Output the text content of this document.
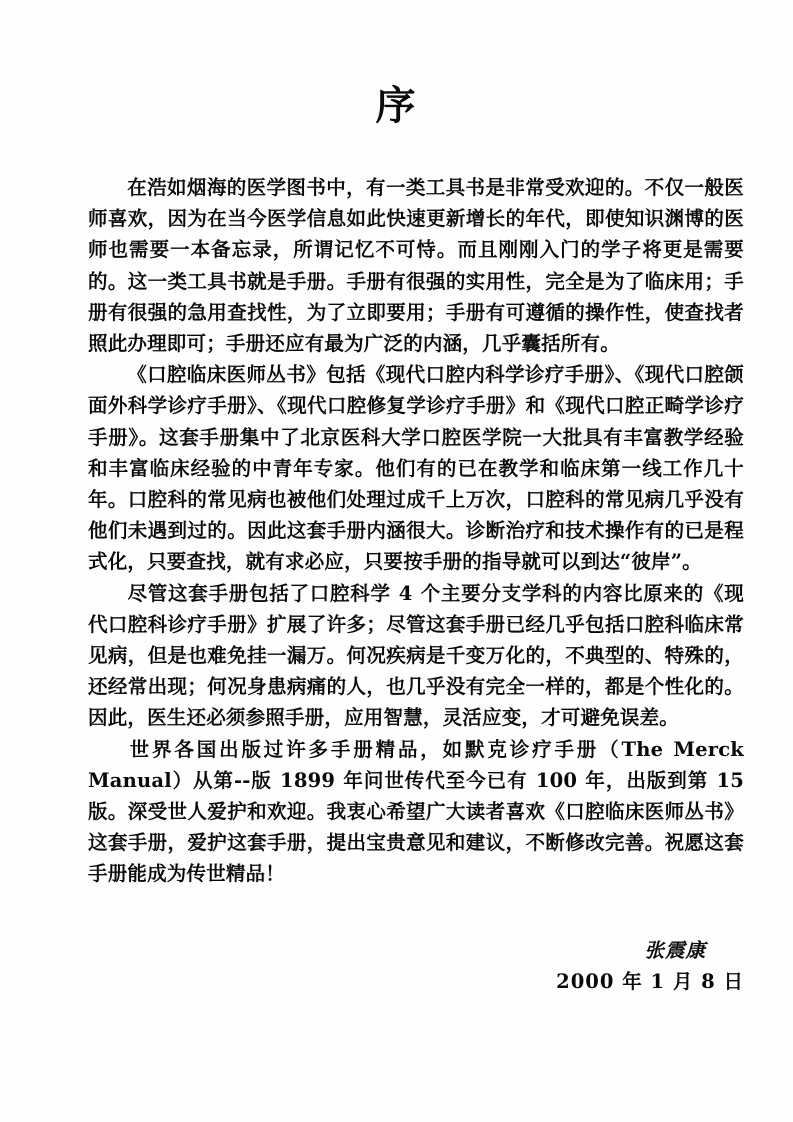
序

在浩如烟海的医学图书中，有一类工具书是非常受欢迎的。不仅一般医师喜欢，因为在当今医学信息如此快速更新增长的年代，即使知识渊博的医师也需要一本备忘录，所谓记忆不可恃。而且刚刚入门的学子将更是需要的。这一类工具书就是手册。手册有很强的实用性，完全是为了临床用；手册有很强的急用查找性，为了立即要用；手册有可遵循的操作性，使查找者照此办理即可；手册还应有最为广泛的内涵，几乎囊括所有。

《口腔临床医师丛书》包括《现代口腔内科学诊疗手册》、《现代口腔颌面外科学诊疗手册》、《现代口腔修复学诊疗手册》和《现代口腔正畸学诊疗手册》。这套手册集中了北京医科大学口腔医学院一大批具有丰富教学经验和丰富临床经验的中青年专家。他们有的已在教学和临床第一线工作几十年。口腔科的常见病也被他们处理过成千上万次，口腔科的常见病几乎没有他们未遇到过的。因此这套手册内涵很大。诊断治疗和技术操作有的已是程式化，只要查找，就有求必应，只要按手册的指导就可以到达“彼岸”。

尽管这套手册包括了口腔科学 4 个主要分支学科的内容比原来的《现代口腔科诊疗手册》扩展了许多；尽管这套手册已经几乎包括口腔科临床常见病，但是也难免挂一漏万。何况疾病是千变万化的，不典型的、特殊的，还经常出现；何况身患病痛的人，也几乎没有完全一样的，都是个性化的。因此，医生还必须参照手册，应用智慧，灵活应变，才可避免误差。

世界各国出版过许多手册精品，如默克诊疗手册（The Merck Manual）从第--版 1899 年问世传代至今已有 100 年，出版到第 15 版。深受世人爱护和欢迎。我衷心希望广大读者喜欢《口腔临床医师丛书》这套手册，爱护这套手册，提出宝贵意见和建议，不断修改完善。祝愿这套手册能成为传世精品！

张震康
2000 年 1 月 8 日
